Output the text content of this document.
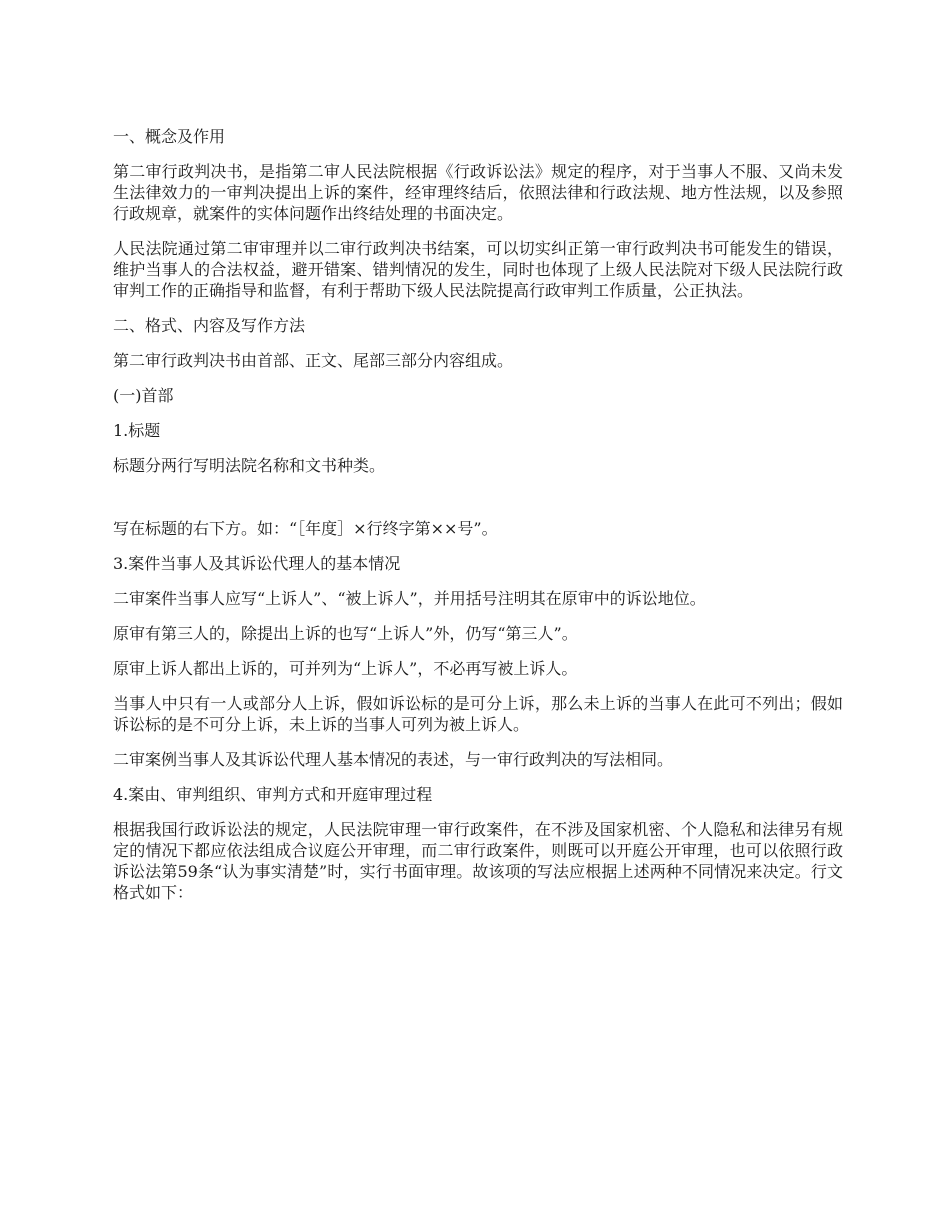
一、概念及作用

第二审行政判决书，是指第二审人民法院根据《行政诉讼法》规定的程序，对于当事人不服、又尚未发生法律效力的一审判决提出上诉的案件，经审理终结后，依照法律和行政法规、地方性法规，以及参照行政规章，就案件的实体问题作出终结处理的书面决定。

人民法院通过第二审审理并以二审行政判决书结案，可以切实纠正第一审行政判决书可能发生的错误，维护当事人的合法权益，避开错案、错判情况的发生，同时也体现了上级人民法院对下级人民法院行政审判工作的正确指导和监督，有利于帮助下级人民法院提高行政审判工作质量，公正执法。

二、格式、内容及写作方法

第二审行政判决书由首部、正文、尾部三部分内容组成。

(一)首部

1.标题

标题分两行写明法院名称和文书种类。

写在标题的右下方。如：“［年度］×行终字第××号”。

3.案件当事人及其诉讼代理人的基本情况

二审案件当事人应写“上诉人”、“被上诉人”，并用括号注明其在原审中的诉讼地位。

原审有第三人的，除提出上诉的也写“上诉人”外，仍写“第三人”。

原审上诉人都出上诉的，可并列为“上诉人”，不必再写被上诉人。

当事人中只有一人或部分人上诉，假如诉讼标的是可分上诉，那么未上诉的当事人在此可不列出；假如诉讼标的是不可分上诉，未上诉的当事人可列为被上诉人。

二审案例当事人及其诉讼代理人基本情况的表述，与一审行政判决的写法相同。

4.案由、审判组织、审判方式和开庭审理过程

根据我国行政诉讼法的规定，人民法院审理一审行政案件，在不涉及国家机密、个人隐私和法律另有规定的情况下都应依法组成合议庭公开审理，而二审行政案件，则既可以开庭公开审理，也可以依照行政诉讼法第59条“认为事实清楚”时，实行书面审理。故该项的写法应根据上述两种不同情况来决定。行文格式如下：
